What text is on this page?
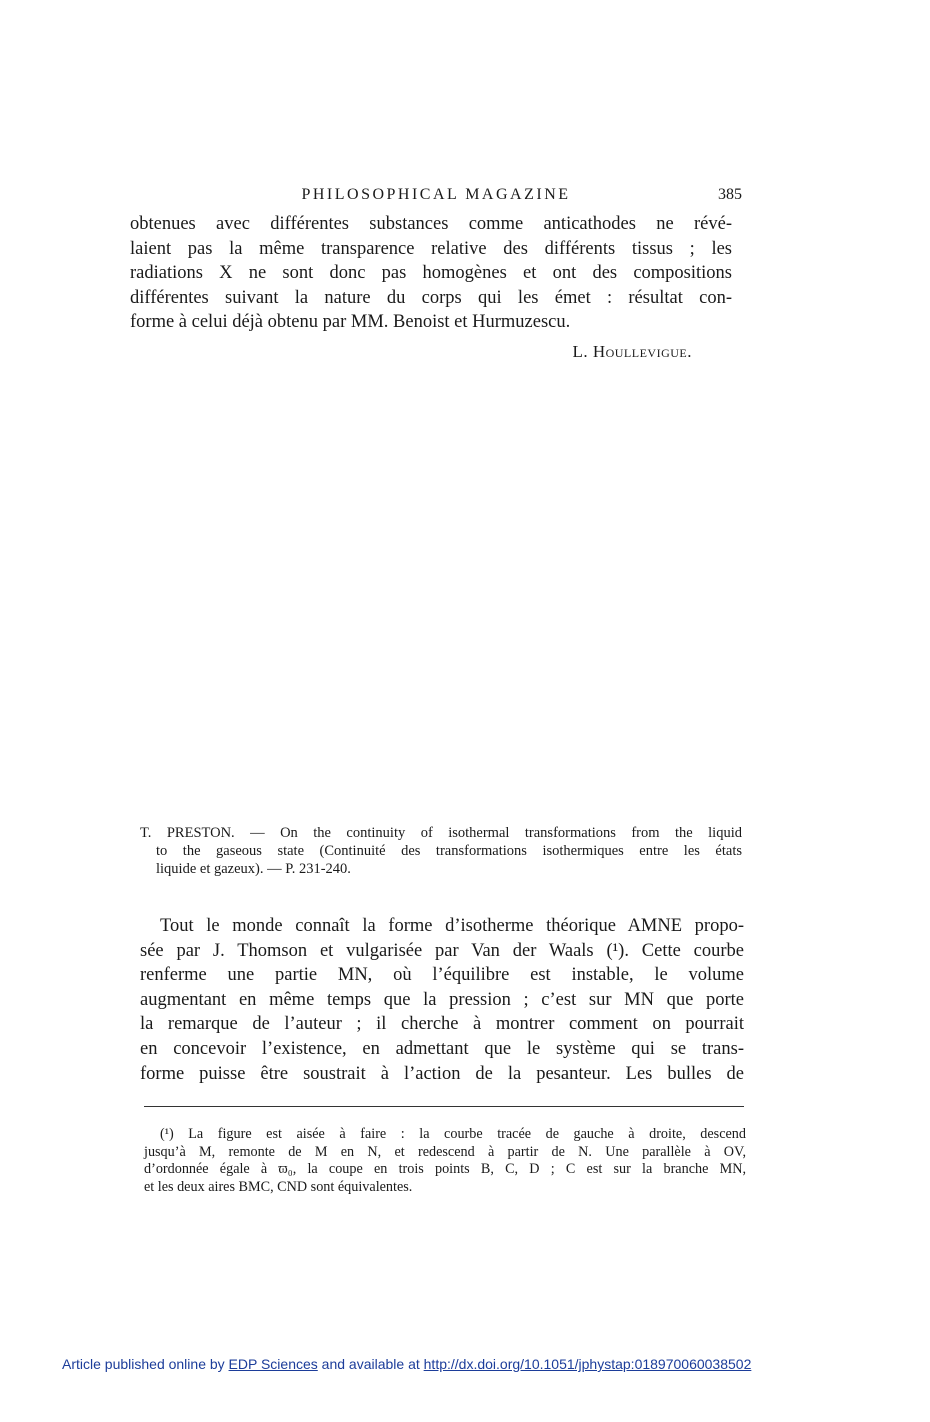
PHILOSOPHICAL MAGAZINE	385
obtenues avec différentes substances comme anticathodes ne révé-
laient pas la même transparence relative des différents tissus ; les
radiations X ne sont donc pas homogènes et ont des compositions
différentes suivant la nature du corps qui les émet : résultat con-
forme à celui déjà obtenu par MM. Benoist et Hurmuzescu.
L. Houllevigue.
T. PRESTON. — On the continuity of isothermal transformations from the liquid
to the gaseous state (Continuité des transformations isothermiques entre les états
liquide et gazeux). — P. 231-240.
Tout le monde connaît la forme d’isotherme théorique AMNE propo-
sée par J. Thomson et vulgarisée par Van der Waals (¹). Cette courbe
renferme une partie MN, où l’équilibre est instable, le volume
augmentant en même temps que la pression ; c’est sur MN que porte
la remarque de l’auteur ; il cherche à montrer comment on pourrait
en concevoir l’existence, en admettant que le système qui se trans-
forme puisse être soustrait à l’action de la pesanteur. Les bulles de
(¹) La figure est aisée à faire : la courbe tracée de gauche à droite, descend
jusqu’à M, remonte de M en N, et redescend à partir de N. Une parallèle à OV,
d’ordonnée égale à ϖ₀, la coupe en trois points B, C, D ; C est sur la branche MN,
et les deux aires BMC, CND sont équivalentes.
Article published online by EDP Sciences and available at http://dx.doi.org/10.1051/jphystap:018970060038502
